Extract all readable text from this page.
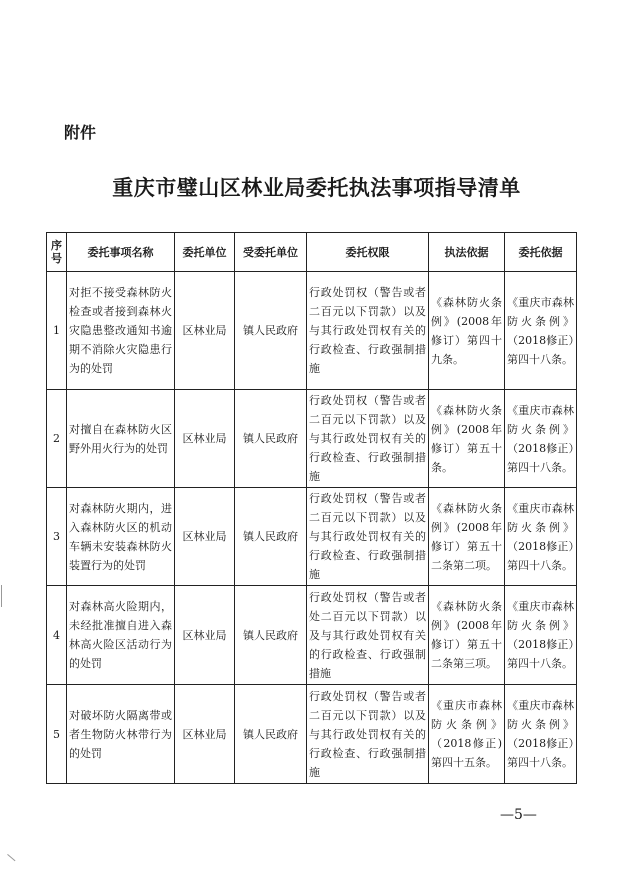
附件
重庆市璧山区林业局委托执法事项指导清单
序号	委托事项名称	委托单位	受委托单位	委托权限	执法依据	委托依据
1	对拒不接受森林防火检查或者接到森林火灾隐患整改通知书逾期不消除火灾隐患行为的处罚	区林业局	镇人民政府	行政处罚权（警告或者二百元以下罚款）以及与其行政处罚权有关的行政检查、行政强制措施	《森林防火条例》(2008年修订）第四十九条。	《重庆市森林防火条例》（2018修正）第四十八条。
2	对擅自在森林防火区野外用火行为的处罚	区林业局	镇人民政府	行政处罚权（警告或者二百元以下罚款）以及与其行政处罚权有关的行政检查、行政强制措施	《森林防火条例》(2008年修订）第五十条。	《重庆市森林防火条例》（2018修正）第四十八条。
3	对森林防火期内，进入森林防火区的机动车辆未安装森林防火装置行为的处罚	区林业局	镇人民政府	行政处罚权（警告或者二百元以下罚款）以及与其行政处罚权有关的行政检查、行政强制措施	《森林防火条例》(2008年修订）第五十二条第二项。	《重庆市森林防火条例》（2018修正）第四十八条。
4	对森林高火险期内，未经批准擅自进入森林高火险区活动行为的处罚	区林业局	镇人民政府	行政处罚权（警告或者处二百元以下罚款）以及与其行政处罚权有关的行政检查、行政强制措施	《森林防火条例》(2008年修订）第五十二条第三项。	《重庆市森林防火条例》（2018修正）第四十八条。
5	对破坏防火隔离带或者生物防火林带行为的处罚	区林业局	镇人民政府	行政处罚权（警告或者二百元以下罚款）以及与其行政处罚权有关的行政检查、行政强制措施	《重庆市森林防火条例》（2018修正)第四十五条。	《重庆市森林防火条例》（2018修正）第四十八条。
—5—
